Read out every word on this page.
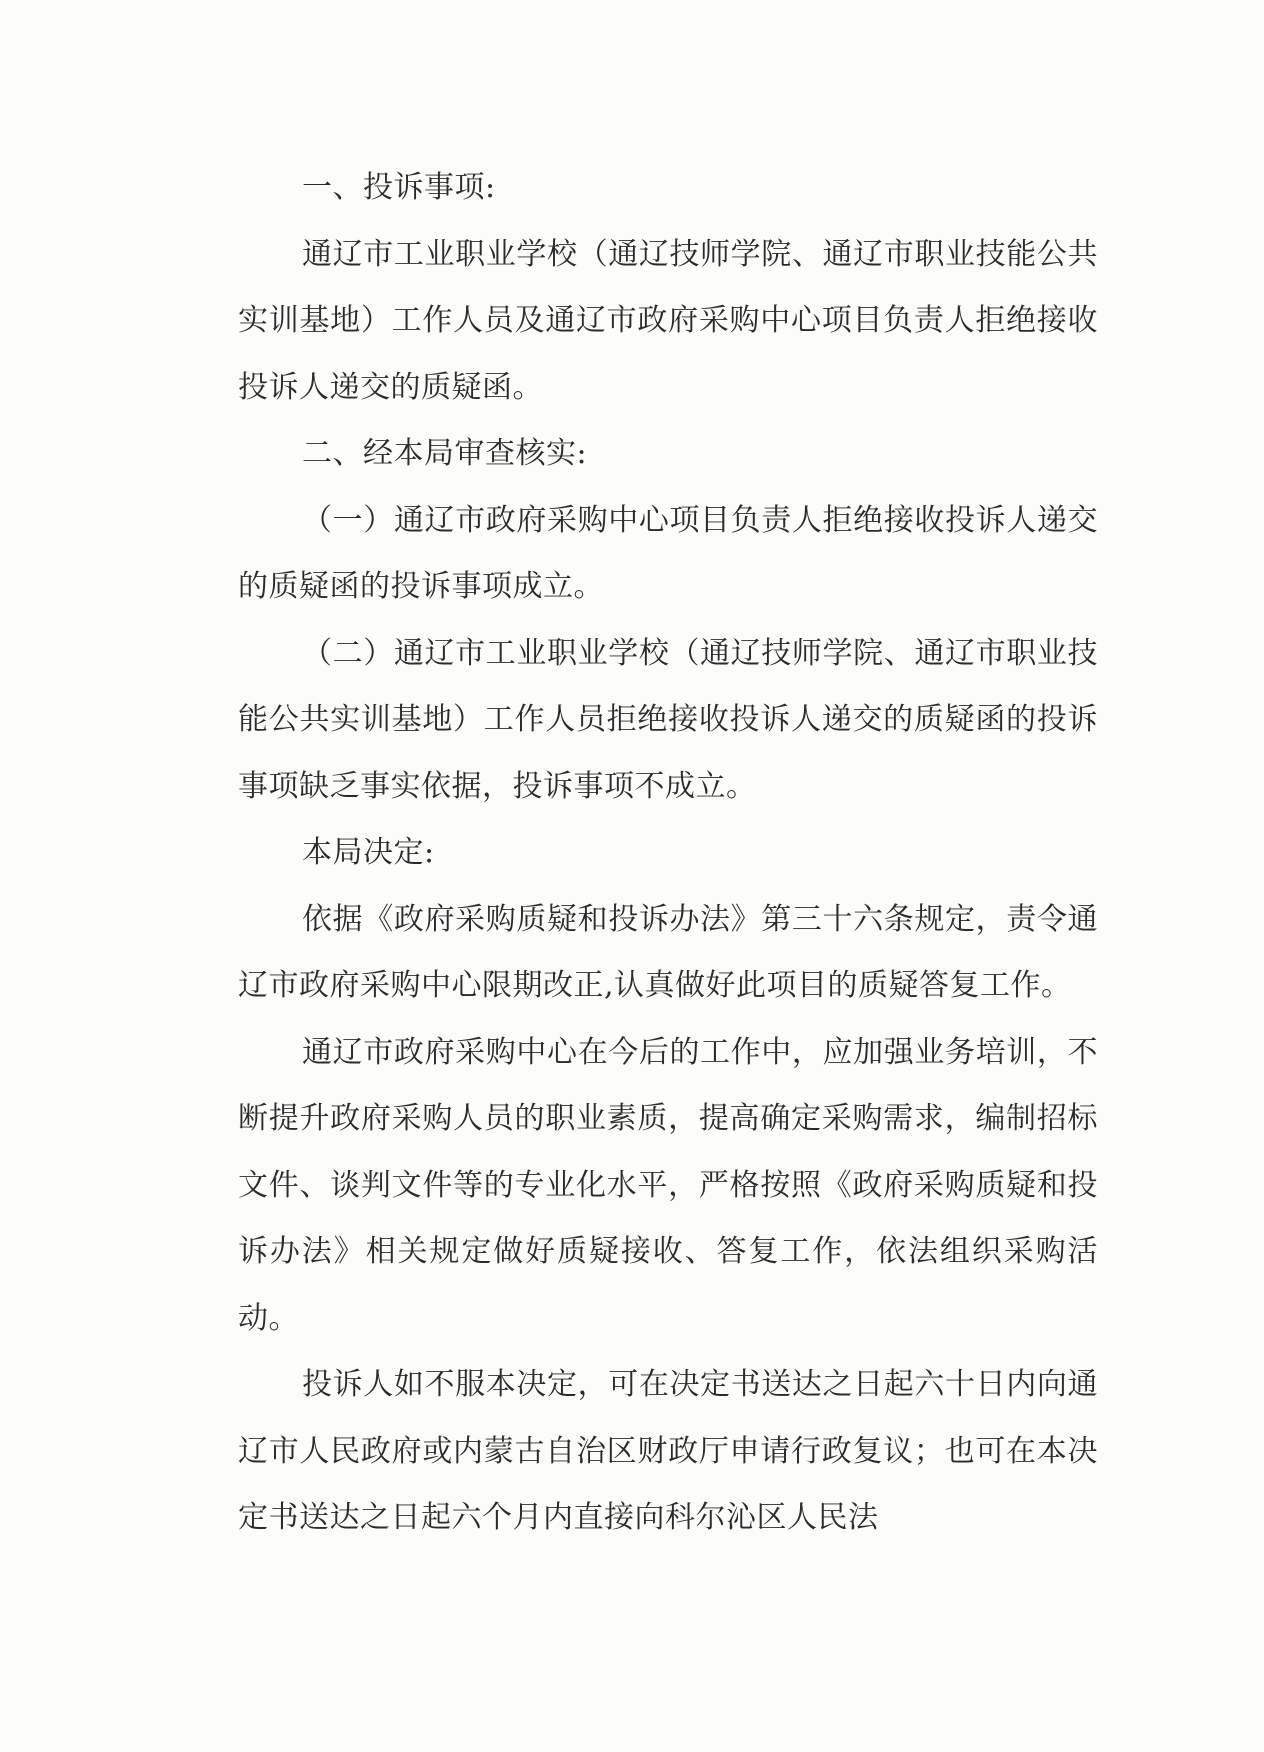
一、投诉事项:

通辽市工业职业学校（通辽技师学院、通辽市职业技能公共实训基地）工作人员及通辽市政府采购中心项目负责人拒绝接收投诉人递交的质疑函。

二、经本局审查核实:

（一）通辽市政府采购中心项目负责人拒绝接收投诉人递交的质疑函的投诉事项成立。

（二）通辽市工业职业学校（通辽技师学院、通辽市职业技能公共实训基地）工作人员拒绝接收投诉人递交的质疑函的投诉事项缺乏事实依据，投诉事项不成立。

本局决定:

依据《政府采购质疑和投诉办法》第三十六条规定，责令通辽市政府采购中心限期改正,认真做好此项目的质疑答复工作。

通辽市政府采购中心在今后的工作中，应加强业务培训，不断提升政府采购人员的职业素质，提高确定采购需求，编制招标文件、谈判文件等的专业化水平，严格按照《政府采购质疑和投诉办法》相关规定做好质疑接收、答复工作，依法组织采购活动。

投诉人如不服本决定，可在决定书送达之日起六十日内向通辽市人民政府或内蒙古自治区财政厅申请行政复议；也可在本决定书送达之日起六个月内直接向科尔沁区人民法
